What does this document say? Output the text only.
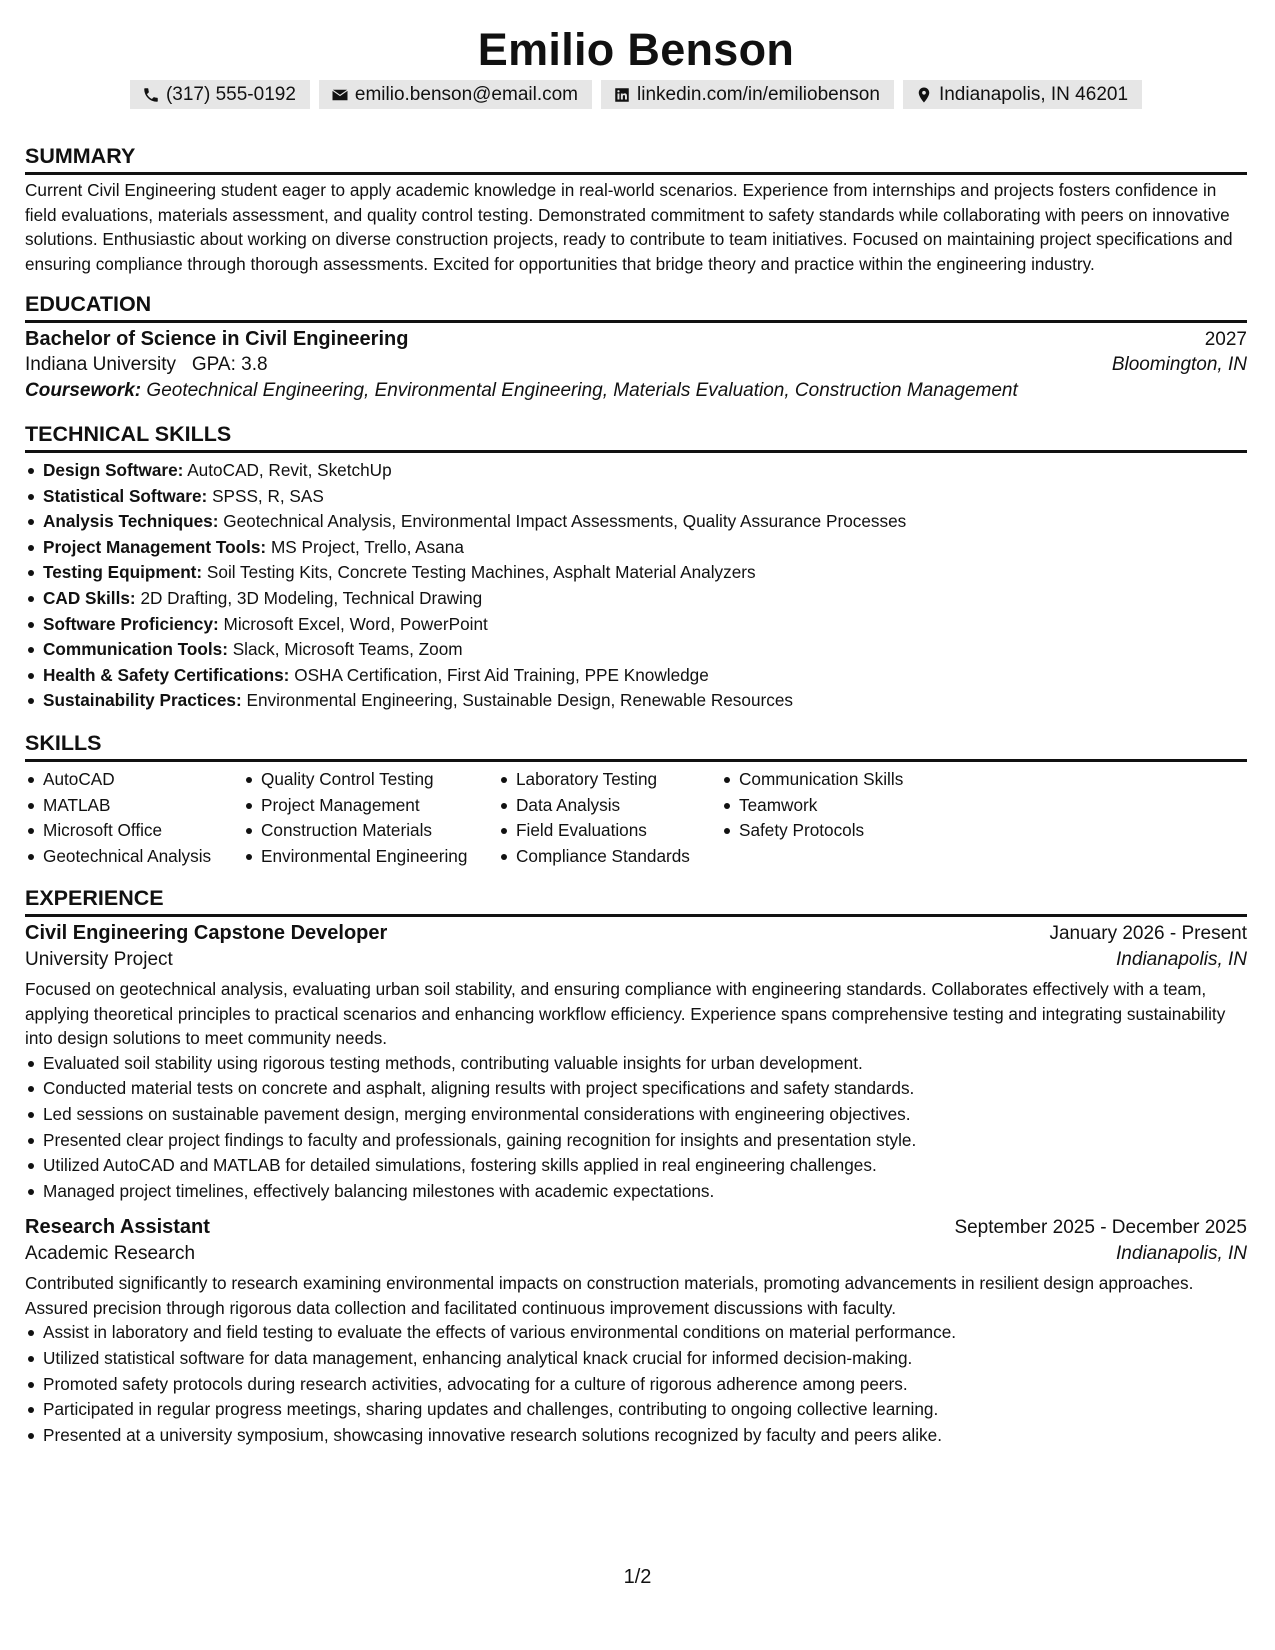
Emilio Benson
(317) 555-0192	emilio.benson@email.com	linkedin.com/in/emiliobenson	Indianapolis, IN 46201
SUMMARY

Current Civil Engineering student eager to apply academic knowledge in real-world scenarios. Experience from internships and projects fosters confidence in field evaluations, materials assessment, and quality control testing. Demonstrated commitment to safety standards while collaborating with peers on innovative solutions. Enthusiastic about working on diverse construction projects, ready to contribute to team initiatives. Focused on maintaining project specifications and ensuring compliance through thorough assessments. Excited for opportunities that bridge theory and practice within the engineering industry.

EDUCATION
Bachelor of Science in Civil Engineering	2027
Indiana University GPA: 3.8	Bloomington, IN
Coursework: Geotechnical Engineering, Environmental Engineering, Materials Evaluation, Construction Management
TECHNICAL SKILLS
Design Software: AutoCAD, Revit, SketchUp
Statistical Software: SPSS, R, SAS
Analysis Techniques: Geotechnical Analysis, Environmental Impact Assessments, Quality Assurance Processes
Project Management Tools: MS Project, Trello, Asana
Testing Equipment: Soil Testing Kits, Concrete Testing Machines, Asphalt Material Analyzers
CAD Skills: 2D Drafting, 3D Modeling, Technical Drawing
Software Proficiency: Microsoft Excel, Word, PowerPoint
Communication Tools: Slack, Microsoft Teams, Zoom
Health & Safety Certifications: OSHA Certification, First Aid Training, PPE Knowledge
Sustainability Practices: Environmental Engineering, Sustainable Design, Renewable Resources
SKILLS
AutoCAD
MATLAB
Microsoft Office
Geotechnical Analysis
Quality Control Testing
Project Management
Construction Materials
Environmental Engineering
Laboratory Testing
Data Analysis
Field Evaluations
Compliance Standards
Communication Skills
Teamwork
Safety Protocols
EXPERIENCE
Civil Engineering Capstone Developer	January 2026 - Present
University Project	Indianapolis, IN

Focused on geotechnical analysis, evaluating urban soil stability, and ensuring compliance with engineering standards. Collaborates effectively with a team, applying theoretical principles to practical scenarios and enhancing workflow efficiency. Experience spans comprehensive testing and integrating sustainability into design solutions to meet community needs.

Evaluated soil stability using rigorous testing methods, contributing valuable insights for urban development.
Conducted material tests on concrete and asphalt, aligning results with project specifications and safety standards.
Led sessions on sustainable pavement design, merging environmental considerations with engineering objectives.
Presented clear project findings to faculty and professionals, gaining recognition for insights and presentation style.
Utilized AutoCAD and MATLAB for detailed simulations, fostering skills applied in real engineering challenges.
Managed project timelines, effectively balancing milestones with academic expectations.
Research Assistant	September 2025 - December 2025
Academic Research	Indianapolis, IN

Contributed significantly to research examining environmental impacts on construction materials, promoting advancements in resilient design approaches. Assured precision through rigorous data collection and facilitated continuous improvement discussions with faculty.

Assist in laboratory and field testing to evaluate the effects of various environmental conditions on material performance.
Utilized statistical software for data management, enhancing analytical knack crucial for informed decision-making.
Promoted safety protocols during research activities, advocating for a culture of rigorous adherence among peers.
Participated in regular progress meetings, sharing updates and challenges, contributing to ongoing collective learning.
Presented at a university symposium, showcasing innovative research solutions recognized by faculty and peers alike.
1/2
